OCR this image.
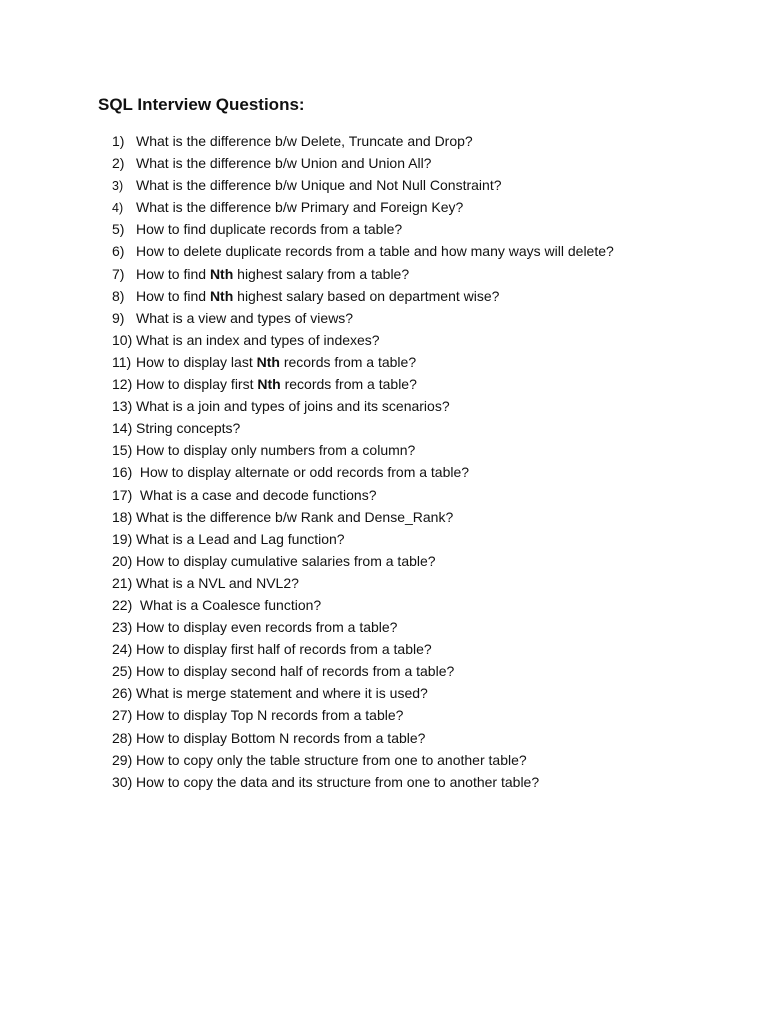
SQL Interview Questions:
1) What is the difference b/w Delete, Truncate and Drop?
2) What is the difference b/w Union and Union All?
3) What is the difference b/w Unique and Not Null Constraint?
4) What is the difference b/w Primary and Foreign Key?
5) How to find duplicate records from a table?
6) How to delete duplicate records from a table and how many ways will delete?
7) How to find Nth highest salary from a table?
8) How to find Nth highest salary based on department wise?
9) What is a view and types of views?
10) What is an index and types of indexes?
11) How to display last Nth records from a table?
12) How to display first Nth records from a table?
13) What is a join and types of joins and its scenarios?
14) String concepts?
15) How to display only numbers from a column?
16) How to display alternate or odd records from a table?
17) What is a case and decode functions?
18) What is the difference b/w Rank and Dense_Rank?
19) What is a Lead and Lag function?
20) How to display cumulative salaries from a table?
21) What is a NVL and NVL2?
22) What is a Coalesce function?
23) How to display even records from a table?
24) How to display first half of records from a table?
25) How to display second half of records from a table?
26) What is merge statement and where it is used?
27) How to display Top N records from a table?
28) How to display Bottom N records from a table?
29) How to copy only the table structure from one to another table?
30) How to copy the data and its structure from one to another table?
